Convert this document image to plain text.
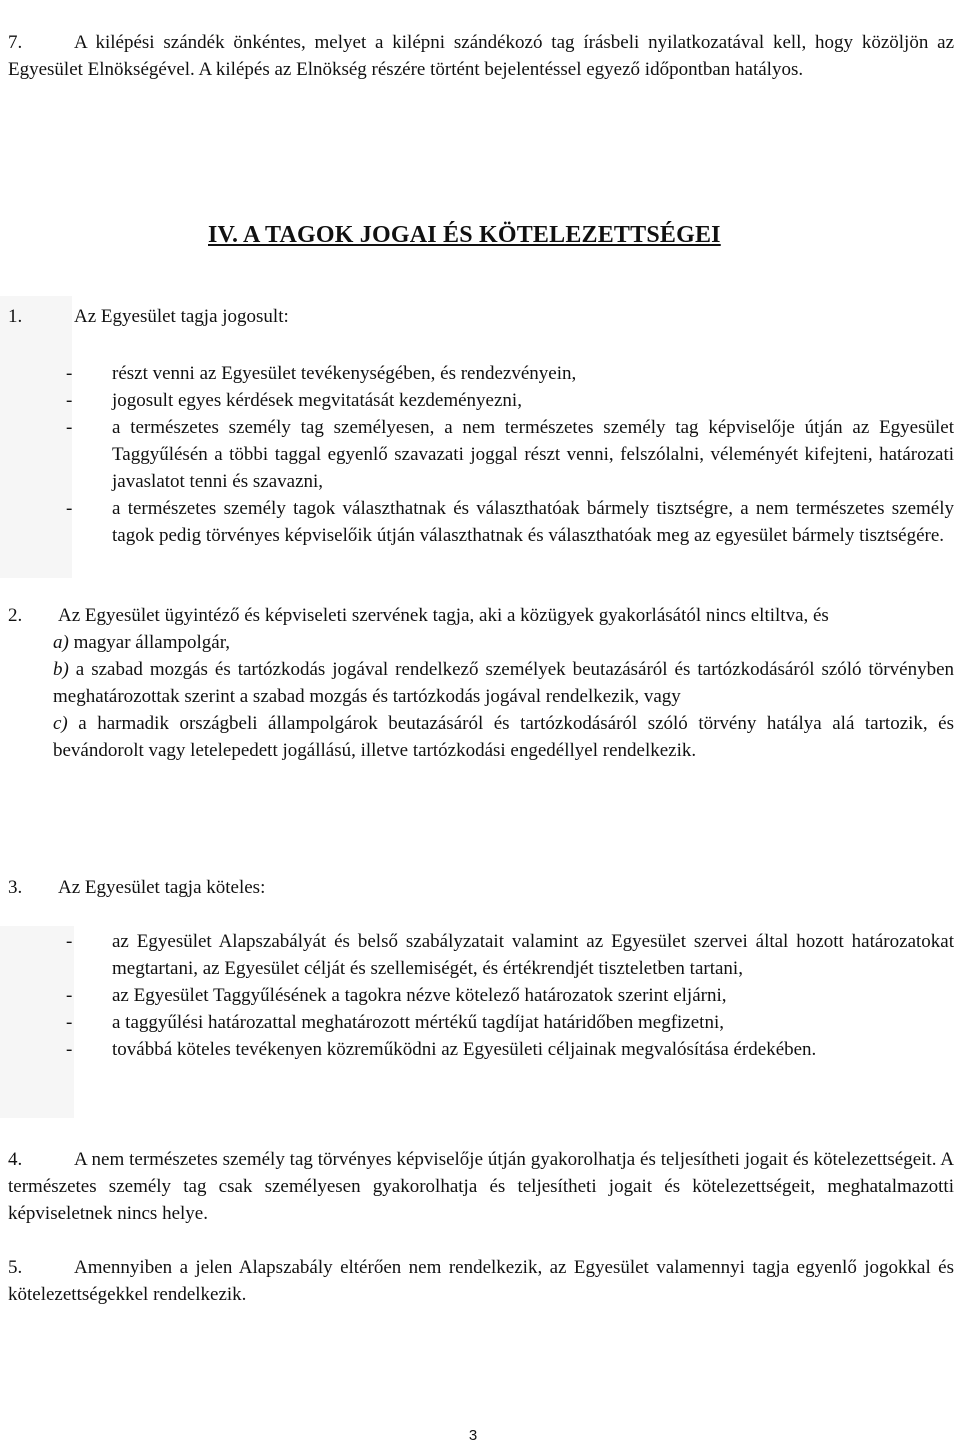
7.	A kilépési szándék önkéntes, melyet a kilépni szándékozó tag írásbeli nyilatkozatával kell, hogy közöljön az Egyesület Elnökségével. A kilépés az Elnökség részére történt bejelentéssel egyező időpontban hatályos.

IV. A TAGOK JOGAI ÉS KÖTELEZETTSÉGEI

1.	Az Egyesület tagja jogosult:

- részt venni az Egyesület tevékenységében, és rendezvényein,
- jogosult egyes kérdések megvitatását kezdeményezni,
- a természetes személy tag személyesen, a nem természetes személy tag képviselője útján az Egyesület Taggyűlésén a többi taggal egyenlő szavazati joggal részt venni, felszólalni, véleményét kifejteni, határozati javaslatot tenni és szavazni,
- a természetes személy tagok választhatnak és választhatóak bármely tisztségre, a nem természetes személy tagok pedig törvényes képviselőik útján választhatnak és választhatóak meg az egyesület bármely tisztségére.

2. Az Egyesület ügyintéző és képviseleti szervének tagja, aki a közügyek gyakorlásától nincs eltiltva, és

a) magyar állampolgár,

b) a szabad mozgás és tartózkodás jogával rendelkező személyek beutazásáról és tartózkodásáról szóló törvényben meghatározottak szerint a szabad mozgás és tartózkodás jogával rendelkezik, vagy

c) a harmadik országbeli állampolgárok beutazásáról és tartózkodásáról szóló törvény hatálya alá tartozik, és bevándorolt vagy letelepedett jogállású, illetve tartózkodási engedéllyel rendelkezik.

3. Az Egyesület tagja köteles:

- az Egyesület Alapszabályát és belső szabályzatait valamint az Egyesület szervei által hozott határozatokat megtartani, az Egyesület célját és szellemiségét, és értékrendjét tiszteletben tartani,
- az Egyesület Taggyűlésének a tagokra nézve kötelező határozatok szerint eljárni,
- a taggyűlési határozattal meghatározott mértékű tagdíjat határidőben megfizetni,
- továbbá köteles tevékenyen közreműködni az Egyesületi céljainak megvalósítása érdekében.

4.	A nem természetes személy tag törvényes képviselője útján gyakorolhatja és teljesítheti jogait és kötelezettségeit. A természetes személy tag csak személyesen gyakorolhatja és teljesítheti jogait és kötelezettségeit, meghatalmazotti képviseletnek nincs helye.

5.	Amennyiben a jelen Alapszabály eltérően nem rendelkezik, az Egyesület valamennyi tagja egyenlő jogokkal és kötelezettségekkel rendelkezik.

3
